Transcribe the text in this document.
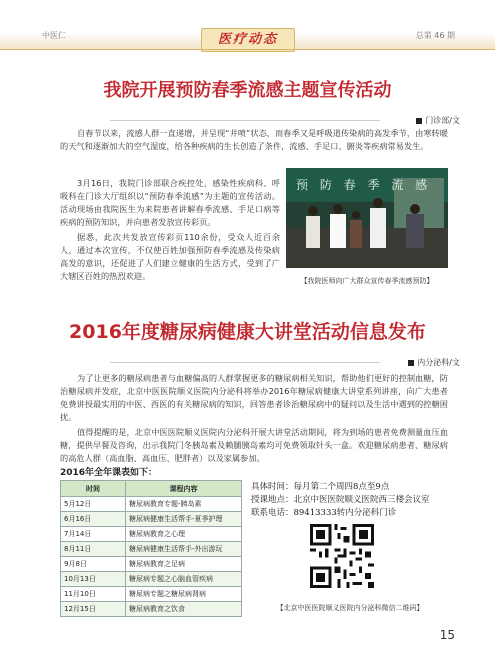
中医仁	医疗动态	总第 46 期
我院开展预防春季流感主题宣传活动
门诊部/文

自春节以来，流感人群一直递增，并呈现“井喷”状态，而春季又是呼吸道传染病的高发季节，由寒转暖的天气和逐渐加大的空气湿度，给各种疾病的生长创造了条件，流感、手足口、腑炎等疾病常易发生。

3月16日，我院门诊部联合疾控处、感染性疾病科、呼吸科在门诊大厅组织以“预防春季流感”为主题的宣传活动。活动现场由我院医生为来院患者讲解春季流感、手足口病等疾病的预防知识，并向患者发放宣传彩页。

据悉，此次共发放宣传彩页110余份，受众人近百余人，通过本次宣传，不仅使百姓加强预防春季流感及传染病高发的意识，还促进了人们建立健康的生活方式，受到了广大辖区百姓的热烈欢迎。

预 防 春 季 流 感
【我院医师向广大群众宣传春季流感预防】
2016年度糖尿病健康大讲堂活动信息发布
内分泌科/文

为了让更多的糖尿病患者与血糖偏高的人群掌握更多的糖尿病相关知识，帮助他们更好的控制血糖，防治糖尿病并发症，北京中医医院顺义医院内分泌科将举办2016年糖尿病健康大讲堂系列讲座，向广大患者免费讲授最实用的中医、西医的有关糖尿病的知识，回答患者诊治糖尿病中的疑问以及生活中遇到的控糖困扰。

值得提醒的是，北京中医医院顺义医院内分泌科开展大讲堂活动期间，将为到场的患者免费测量血压血糖，提供早餐及咨询，出示我院门冬胰岛素及赖脯胰岛素均可免费领取针头一盒。欢迎糖尿病患者、糖尿病的高危人群（高血脂、高血压、肥胖者）以及家属参加。

2016年全年课表如下：
时间	课程内容
5月12日	糖尿病教育专题-胰岛素
6月16日	糖尿病健康生活帮手-夏季护理
7月14日	糖尿病教育之心理
8月11日	糖尿病健康生活帮手-外出游玩
9月8日	糖尿病教育之足病
10月13日	糖尿病专题之心脑血管疾病
11月10日	糖尿病专题之糖尿病肾病
12月15日	糖尿病教育之饮食
具体时间：每月第二个周四8点至9点
授课地点：北京中医医院顺义医院西三楼会议室
联系电话：89413333转内分泌科门诊
【北京中医医院顺义医院内分泌科微信二维码】
15
